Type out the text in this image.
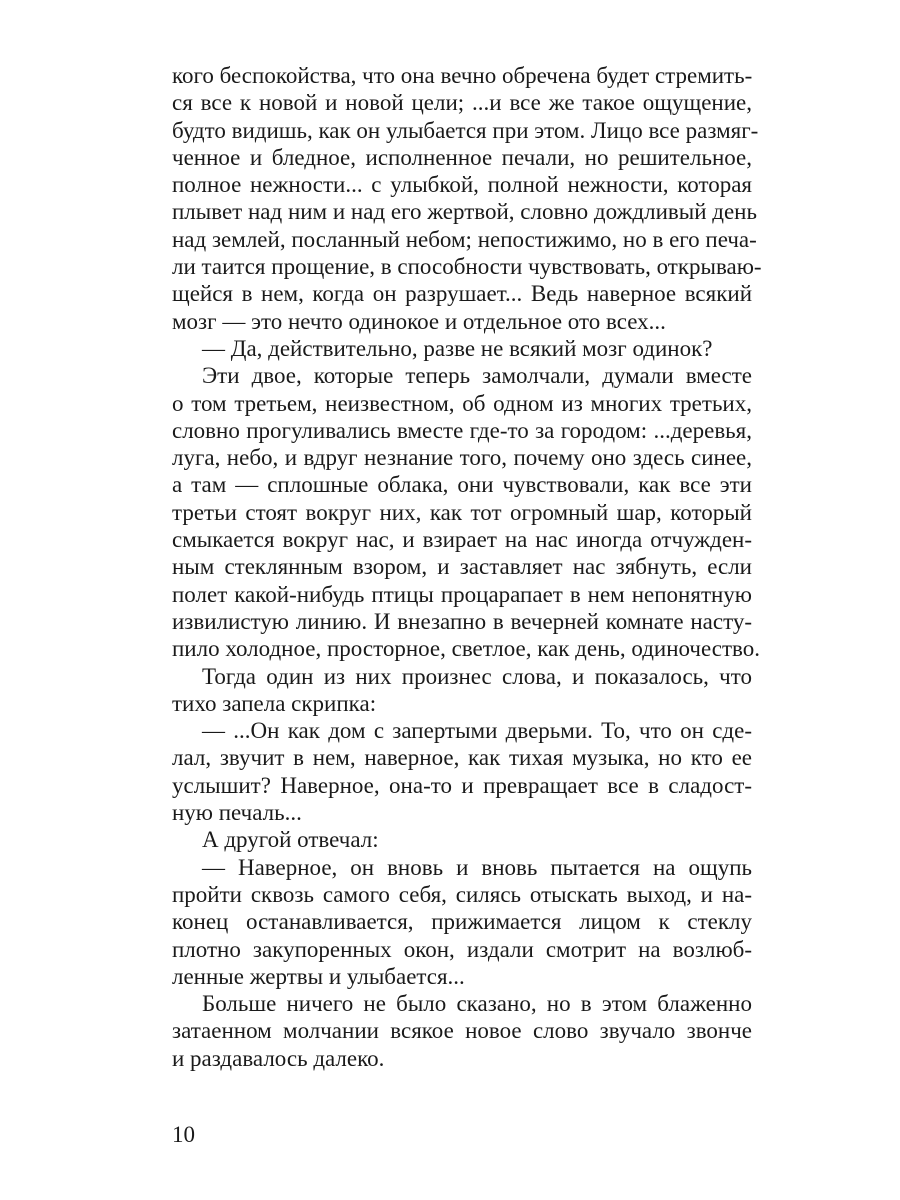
кого беспокойства, что она вечно обречена будет стремить-
ся все к новой и новой цели; ...и все же такое ощущение,
будто видишь, как он улыбается при этом. Лицо все размяг-
ченное и бледное, исполненное печали, но решительное,
полное нежности... с улыбкой, полной нежности, которая
плывет над ним и над его жертвой, словно дождливый день
над землей, посланный небом; непостижимо, но в его печа-
ли таится прощение, в способности чувствовать, открываю-
щейся в нем, когда он разрушает... Ведь наверное всякий
мозг — это нечто одинокое и отдельное ото всех...
— Да, действительно, разве не всякий мозг одинок?
Эти двое, которые теперь замолчали, думали вместе
о том третьем, неизвестном, об одном из многих третьих,
словно прогуливались вместе где-то за городом: ...деревья,
луга, небо, и вдруг незнание того, почему оно здесь синее,
а там — сплошные облака, они чувствовали, как все эти
третьи стоят вокруг них, как тот огромный шар, который
смыкается вокруг нас, и взирает на нас иногда отчужден-
ным стеклянным взором, и заставляет нас зябнуть, если
полет какой-нибудь птицы процарапает в нем непонятную
извилистую линию. И внезапно в вечерней комнате насту-
пило холодное, просторное, светлое, как день, одиночество.
Тогда один из них произнес слова, и показалось, что
тихо запела скрипка:
— ...Он как дом с запертыми дверьми. То, что он сде-
лал, звучит в нем, наверное, как тихая музыка, но кто ее
услышит? Наверное, она-то и превращает все в сладост-
ную печаль...
А другой отвечал:
— Наверное, он вновь и вновь пытается на ощупь
пройти сквозь самого себя, силясь отыскать выход, и на-
конец останавливается, прижимается лицом к стеклу
плотно закупоренных окон, издали смотрит на возлюб-
ленные жертвы и улыбается...
Больше ничего не было сказано, но в этом блаженно
затаенном молчании всякое новое слово звучало звонче
и раздавалось далеко.
10
